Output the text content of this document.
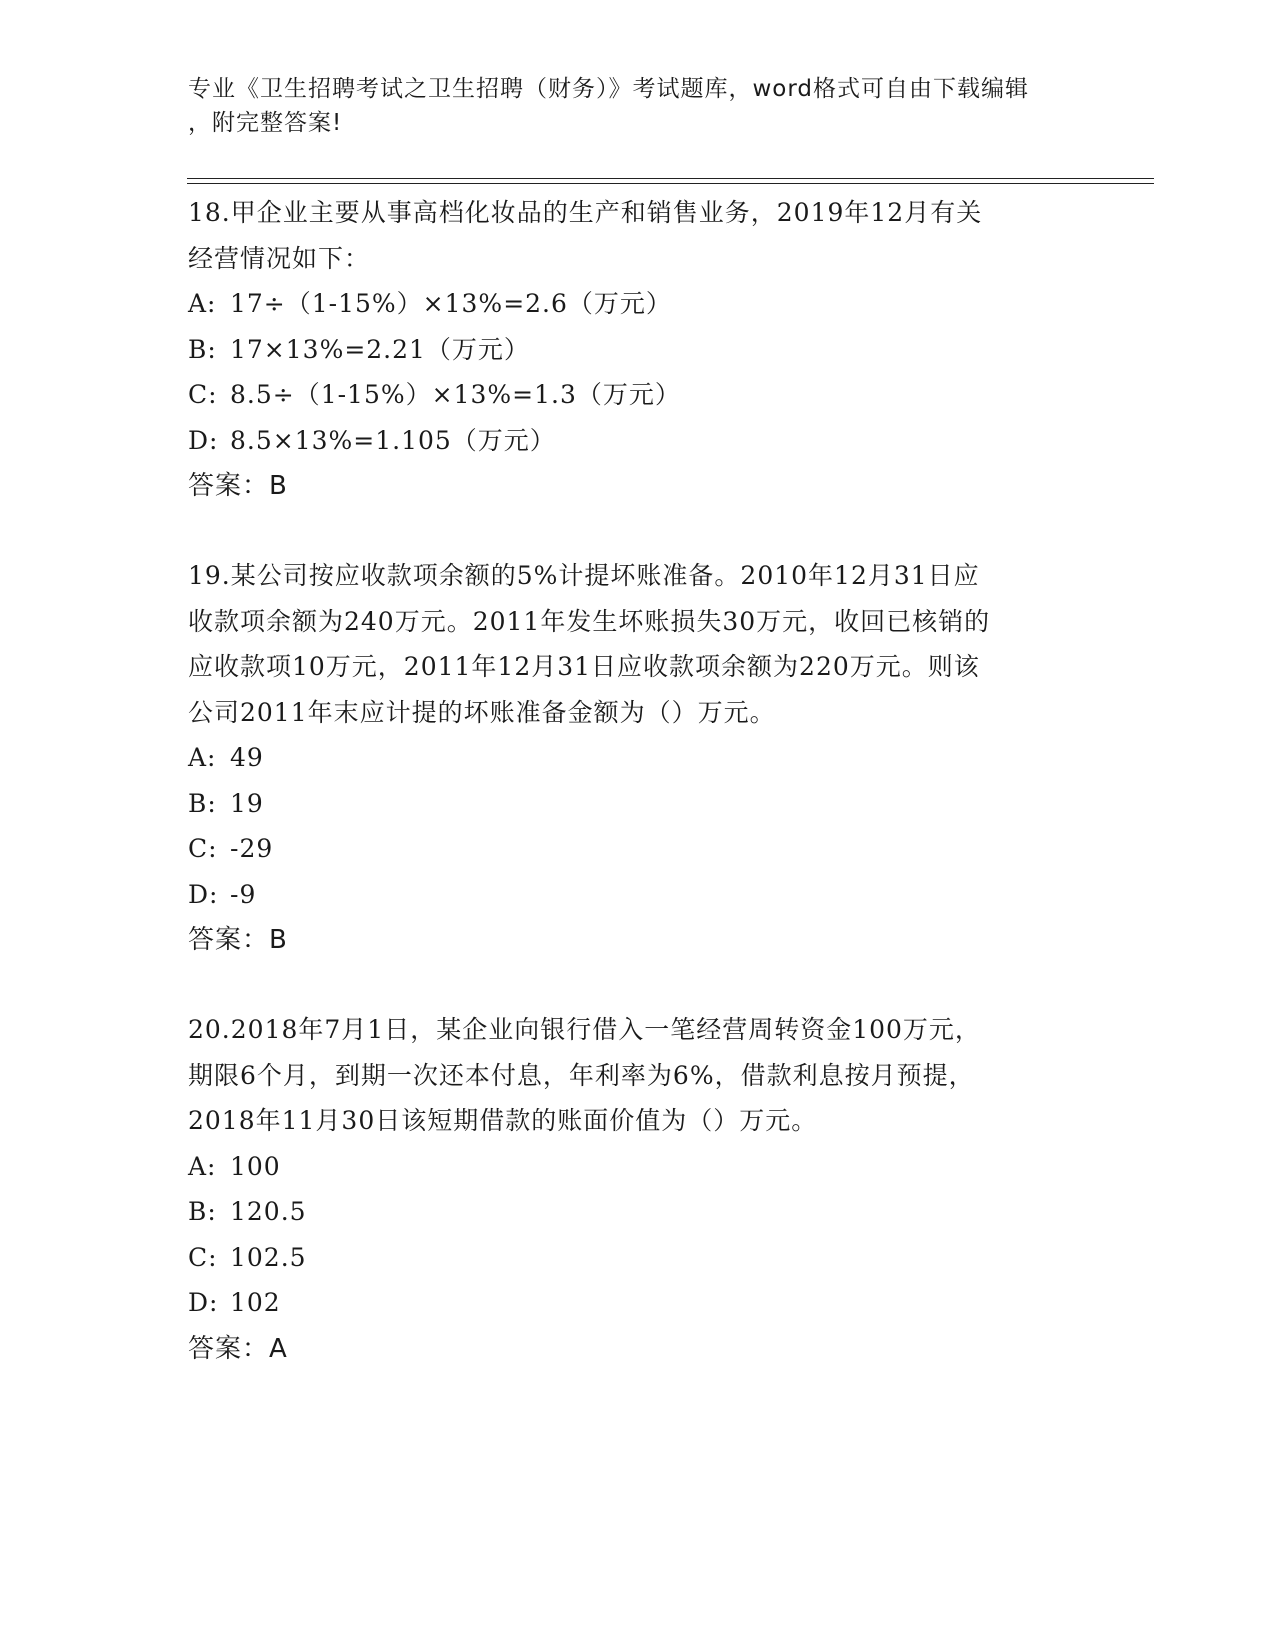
专业《卫生招聘考试之卫生招聘（财务）》考试题库，word格式可自由下载编辑

，附完整答案!

18.甲企业主要从事高档化妆品的生产和销售业务，2019年12月有关

经营情况如下：

A: 17÷（1-15%）×13%=2.6（万元）
B: 17×13%=2.21（万元）
C: 8.5÷（1-15%）×13%=1.3（万元）
D: 8.5×13%=1.105（万元）
答案：B

19.某公司按应收款项余额的5%计提坏账准备。2010年12月31日应

收款项余额为240万元。2011年发生坏账损失30万元，收回已核销的

应收款项10万元，2011年12月31日应收款项余额为220万元。则该

公司2011年末应计提的坏账准备金额为（）万元。

A: 49
B: 19
C: -29
D: -9
答案：B

20.2018年7月1日，某企业向银行借入一笔经营周转资金100万元，

期限6个月，到期一次还本付息，年利率为6%，借款利息按月预提，

2018年11月30日该短期借款的账面价值为（）万元。

A: 100
B: 120.5
C: 102.5
D: 102
答案：A
